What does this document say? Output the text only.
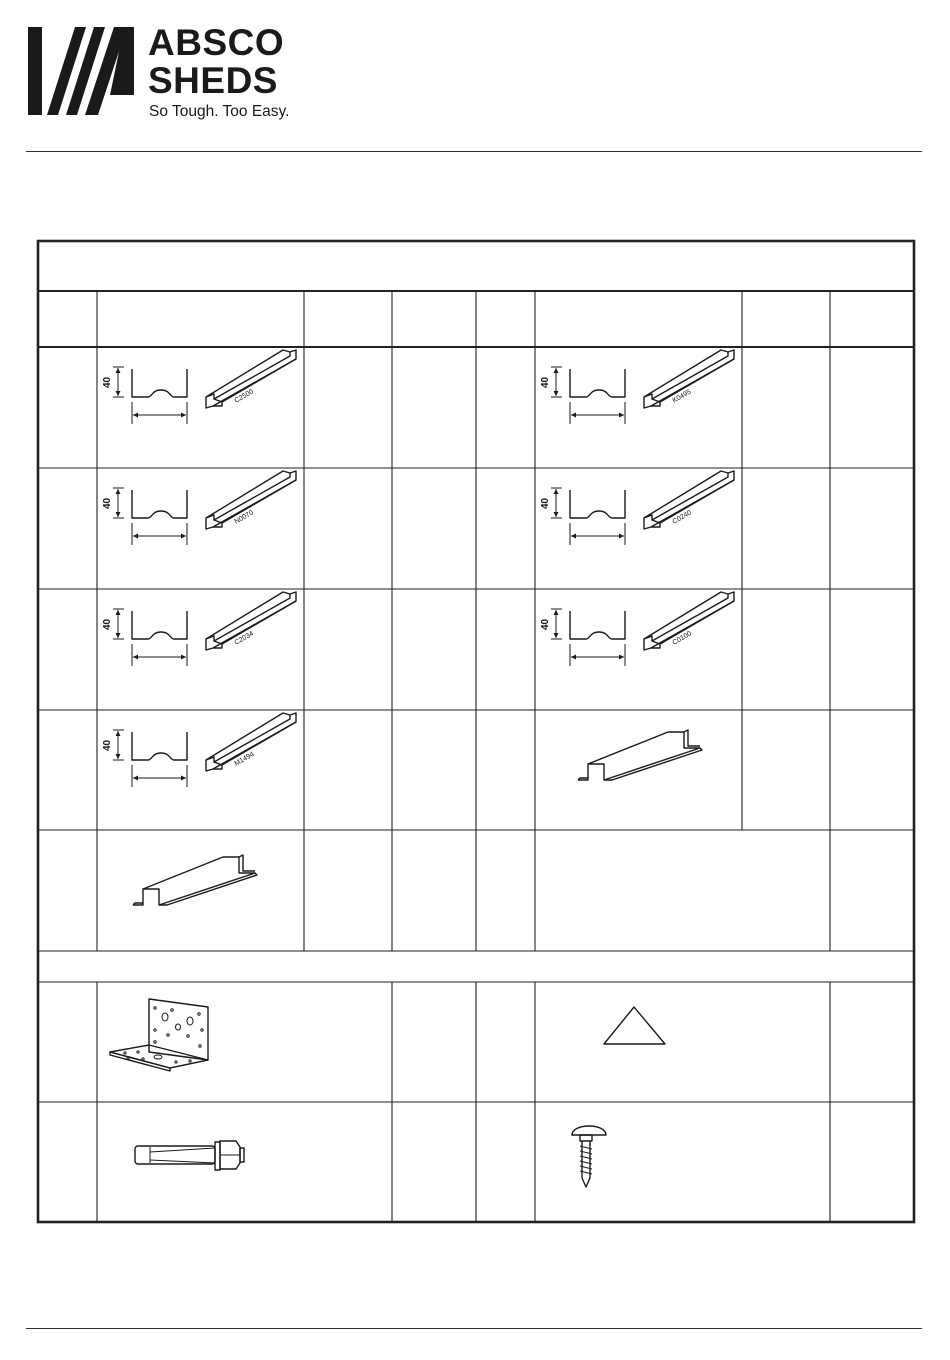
ABSCO
SHEDS
So Tough. Too Easy.
40
C2500
40
K0495
40
N0070
40
C0240
40
C2034
40
C0100
40
M1494
